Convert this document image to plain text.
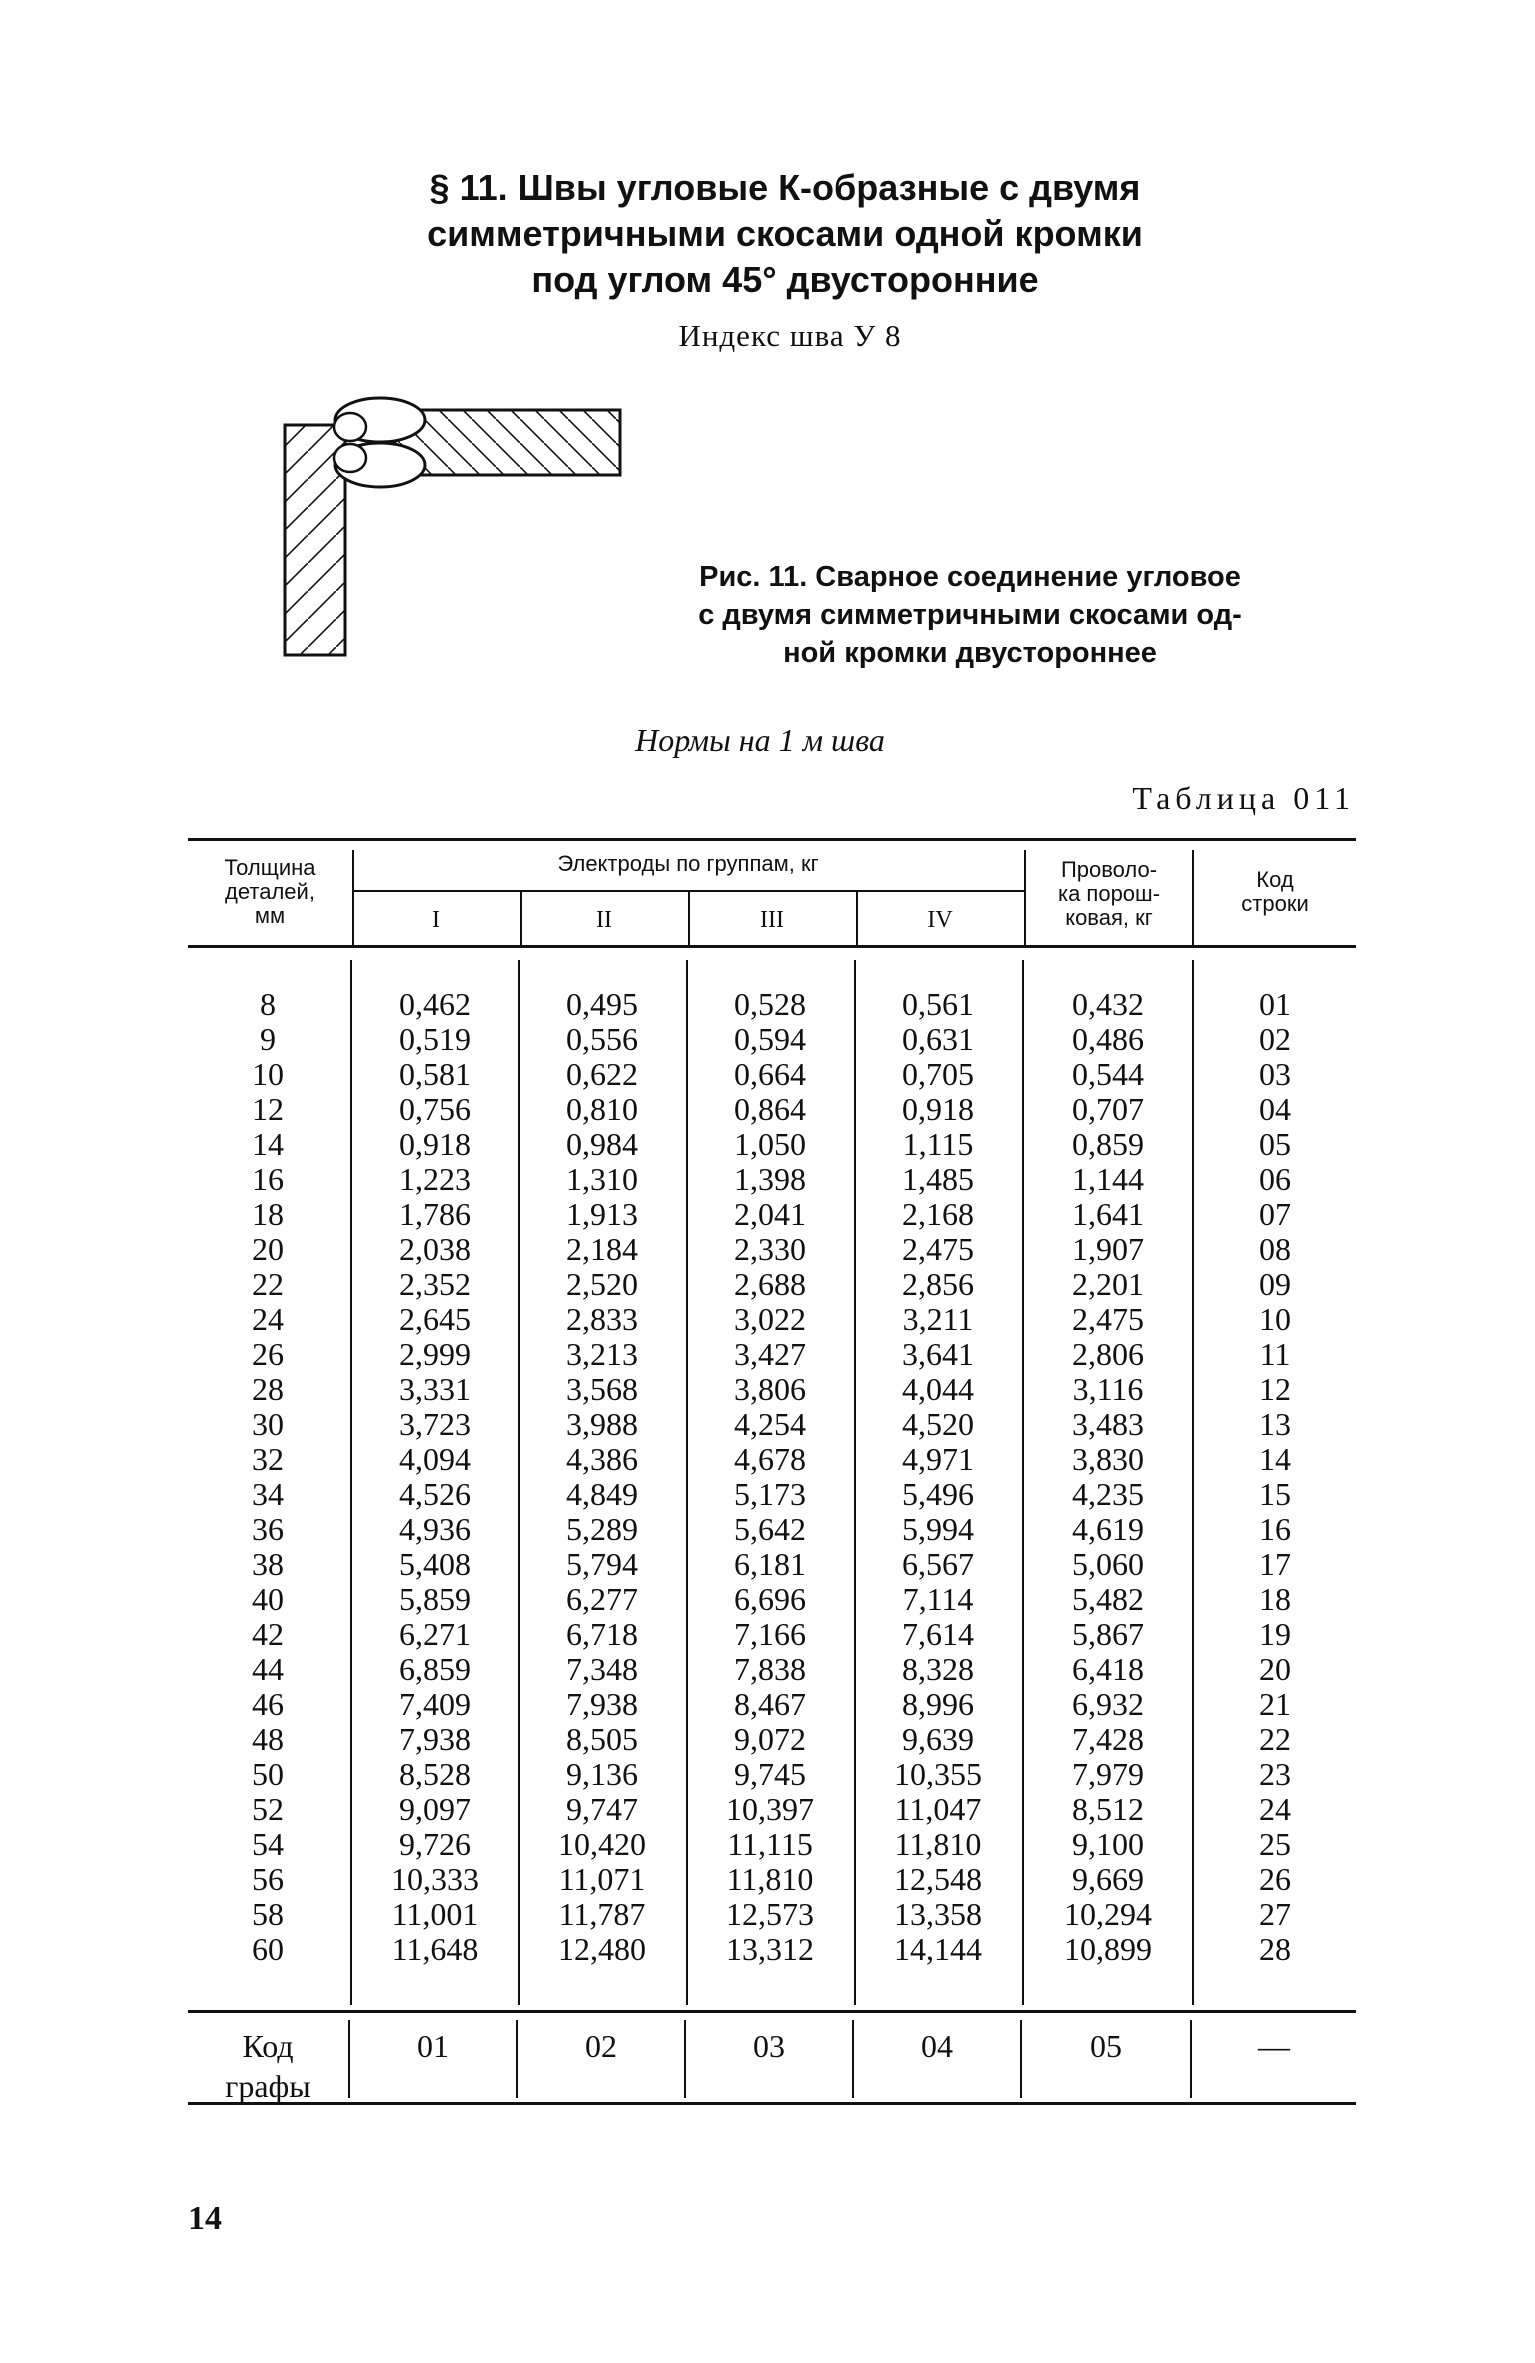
§ 11. Швы угловые К-образные с двумя
симметричными скосами одной кромки
под углом 45° двусторонние
Индекс шва У 8
Рис. 11. Сварное соединение угловое
с двумя симметричными скосами од-
ной кромки двустороннее
Нормы на 1 м шва
Таблица 011
Толщина
деталей,
мм
Электроды по группам, кг
I	II	III	IV
Проволо-
ка порош-
ковая, кг
Код
строки
8	0,462	0,495	0,528	0,561	0,432	01
9	0,519	0,556	0,594	0,631	0,486	02
10	0,581	0,622	0,664	0,705	0,544	03
12	0,756	0,810	0,864	0,918	0,707	04
14	0,918	0,984	1,050	1,115	0,859	05
16	1,223	1,310	1,398	1,485	1,144	06
18	1,786	1,913	2,041	2,168	1,641	07
20	2,038	2,184	2,330	2,475	1,907	08
22	2,352	2,520	2,688	2,856	2,201	09
24	2,645	2,833	3,022	3,211	2,475	10
26	2,999	3,213	3,427	3,641	2,806	11
28	3,331	3,568	3,806	4,044	3,116	12
30	3,723	3,988	4,254	4,520	3,483	13
32	4,094	4,386	4,678	4,971	3,830	14
34	4,526	4,849	5,173	5,496	4,235	15
36	4,936	5,289	5,642	5,994	4,619	16
38	5,408	5,794	6,181	6,567	5,060	17
40	5,859	6,277	6,696	7,114	5,482	18
42	6,271	6,718	7,166	7,614	5,867	19
44	6,859	7,348	7,838	8,328	6,418	20
46	7,409	7,938	8,467	8,996	6,932	21
48	7,938	8,505	9,072	9,639	7,428	22
50	8,528	9,136	9,745	10,355	7,979	23
52	9,097	9,747	10,397	11,047	8,512	24
54	9,726	10,420	11,115	11,810	9,100	25
56	10,333	11,071	11,810	12,548	9,669	26
58	11,001	11,787	12,573	13,358	10,294	27
60	11,648	12,480	13,312	14,144	10,899	28
Код
графы
01	02	03	04	05	—
14
